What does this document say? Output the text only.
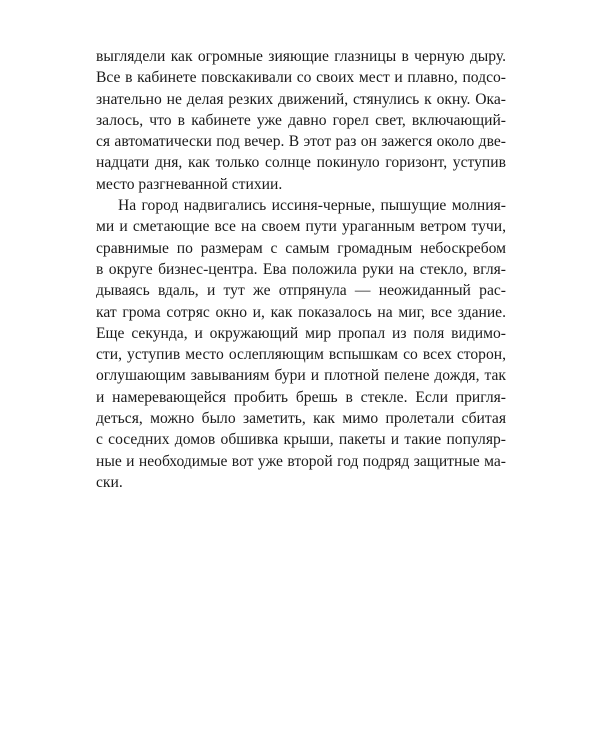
выглядели как огромные зияющие глазницы в черную дыру.
Все в кабинете повскакивали со своих мест и плавно, подсо-
знательно не делая резких движений, стянулись к окну. Ока-
залось, что в кабинете уже давно горел свет, включающий-
ся автоматически под вечер. В этот раз он зажегся около две-
надцати дня, как только солнце покинуло горизонт, уступив
место разгневанной стихии.
На город надвигались иссиня-черные, пышущие молния-
ми и сметающие все на своем пути ураганным ветром тучи,
сравнимые по размерам с самым громадным небоскребом
в округе бизнес-центра. Ева положила руки на стекло, вгля-
дываясь вдаль, и тут же отпрянула — неожиданный рас-
кат грома сотряс окно и, как показалось на миг, все здание.
Еще секунда, и окружающий мир пропал из поля видимо-
сти, уступив место ослепляющим вспышкам со всех сторон,
оглушающим завываниям бури и плотной пелене дождя, так
и намеревающейся пробить брешь в стекле. Если пригля-
деться, можно было заметить, как мимо пролетали сбитая
с соседних домов обшивка крыши, пакеты и такие популяр-
ные и необходимые вот уже второй год подряд защитные ма-
ски.
